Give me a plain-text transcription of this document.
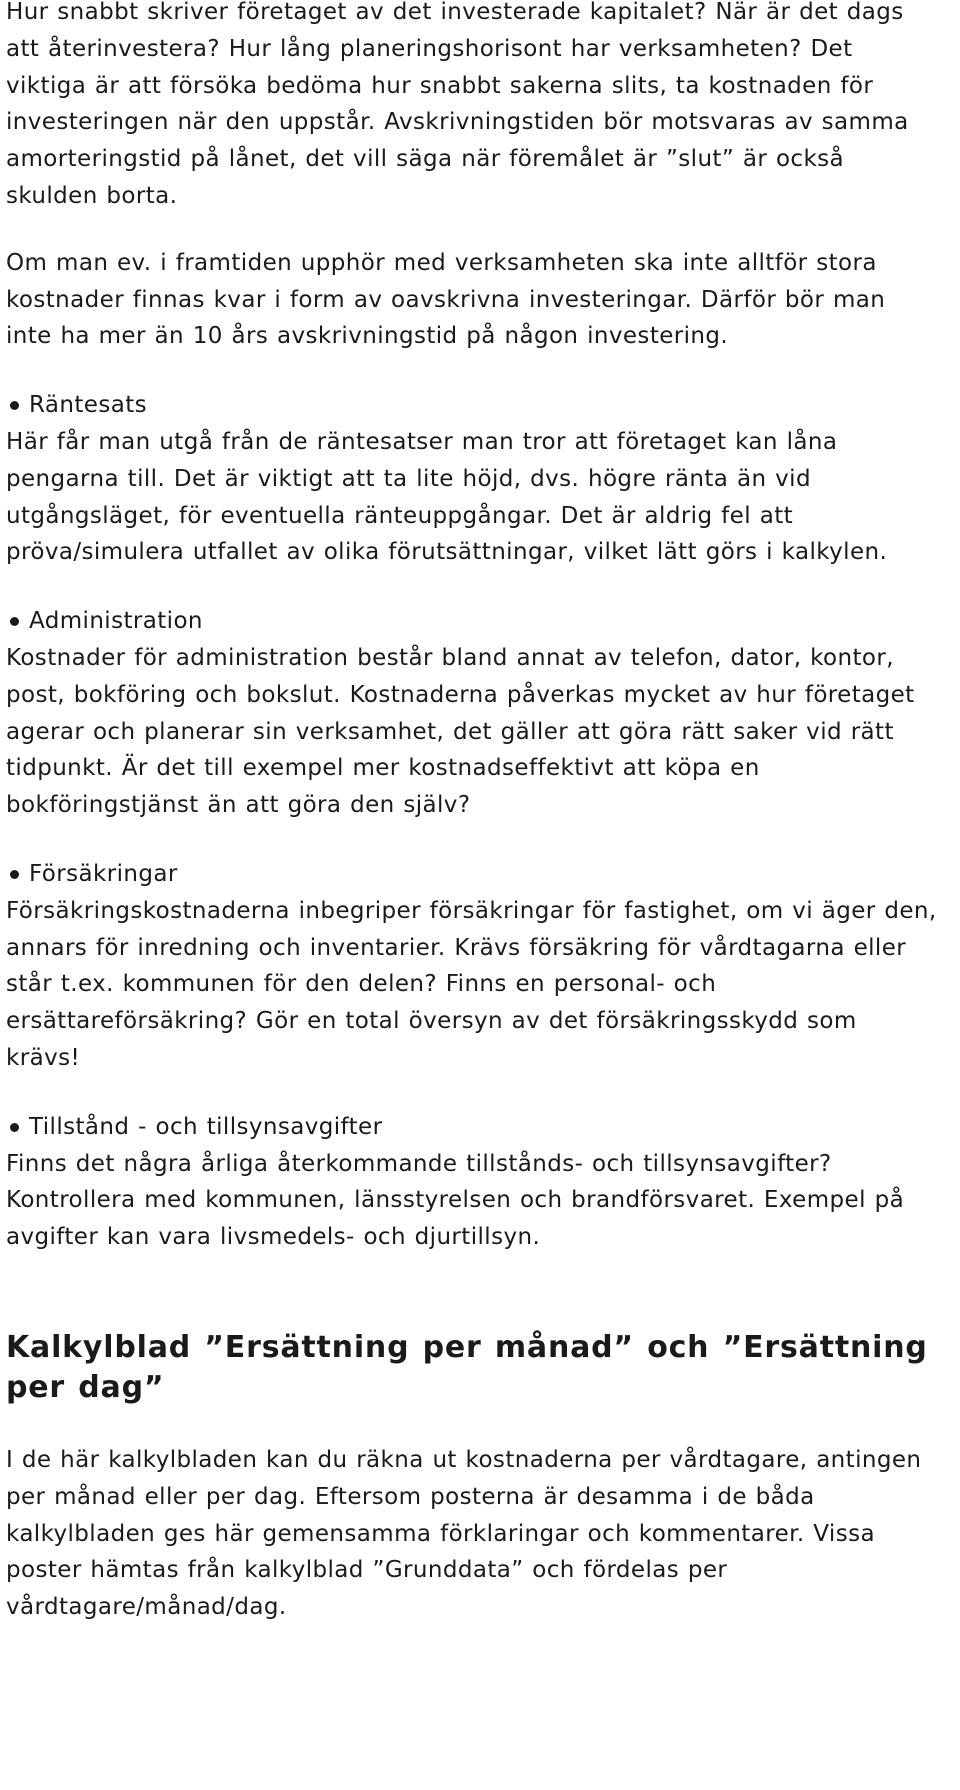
Hur snabbt skriver företaget av det investerade kapitalet? När är det dags att återinvestera? Hur lång planeringshorisont har verksamheten? Det viktiga är att försöka bedöma hur snabbt sakerna slits, ta kostnaden för investeringen när den uppstår. Avskrivningstiden bör motsvaras av samma amorteringstid på lånet, det vill säga när föremålet är ”slut” är också skulden borta.

Om man ev. i framtiden upphör med verksamheten ska inte alltför stora kostnader finnas kvar i form av oavskrivna investeringar. Därför bör man inte ha mer än 10 års avskrivningstid på någon investering.

Räntesats

Här får man utgå från de räntesatser man tror att företaget kan låna pengarna till. Det är viktigt att ta lite höjd, dvs. högre ränta än vid utgångsläget, för eventuella ränteuppgångar. Det är aldrig fel att pröva/simulera utfallet av olika förutsättningar, vilket lätt görs i kalkylen.

Administration

Kostnader för administration består bland annat av telefon, dator, kontor, post, bokföring och bokslut. Kostnaderna påverkas mycket av hur företaget agerar och planerar sin verksamhet, det gäller att göra rätt saker vid rätt tidpunkt. Är det till exempel mer kostnadseffektivt att köpa en bokföringstjänst än att göra den själv?

Försäkringar

Försäkringskostnaderna inbegriper försäkringar för fastighet, om vi äger den, annars för inredning och inventarier. Krävs försäkring för vårdtagarna eller står t.ex. kommunen för den delen? Finns en personal- och ersättareförsäkring? Gör en total översyn av det försäkringsskydd som krävs!

Tillstånd - och tillsynsavgifter

Finns det några årliga återkommande tillstånds- och tillsynsavgifter? Kontrollera med kommunen, länsstyrelsen och brandförsvaret. Exempel på avgifter kan vara livsmedels- och djurtillsyn.

Kalkylblad ”Ersättning per månad” och ”Ersättning per dag”

I de här kalkylbladen kan du räkna ut kostnaderna per vårdtagare, antingen per månad eller per dag. Eftersom posterna är desamma i de båda kalkylbladen ges här gemensamma förklaringar och kommentarer. Vissa poster hämtas från kalkylblad ”Grunddata” och fördelas per vårdtagare/månad/dag.
